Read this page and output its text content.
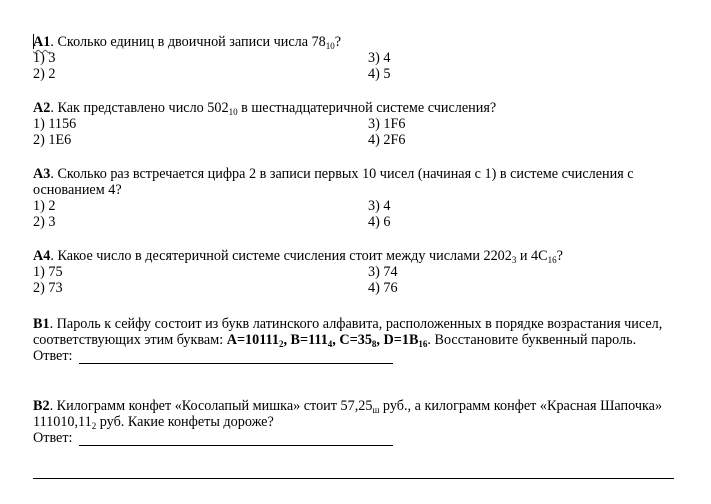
А1. Сколько единиц в двоичной записи числа $78_{10}$?

1) 3	3) 4
2) 2	4) 5

А2. Как представлено число $502_{10}$ в шестнадцатеричной системе счисления?

1) 1156	3) 1F6
2) 1E6	4) 2F6

А3. Сколько раз встречается цифра 2 в записи первых 10 чисел (начиная с 1) в системе счисления с основанием 4?

1) 2	3) 4
2) 3	4) 6

А4. Какое число в десятеричной системе счисления стоит между числами $2202_3$ и $4С_{16}$?

1) 75	3) 74
2) 73	4) 76

В1. Пароль к сейфу состоит из букв латинского алфавита, расположенных в порядке возрастания чисел, соответствующих этим буквам: $А=10111_2$, $B=111_4$, $C=35_8$, $D=1B_{16}$. Восстановите буквенный пароль.

Ответ:

В2. Килограмм конфет «Косолапый мишка» стоит $57,25_ш$ руб., а килограмм конфет «Красная Шапочка» $111010,11_2$ руб. Какие конфеты дороже?

Ответ:
